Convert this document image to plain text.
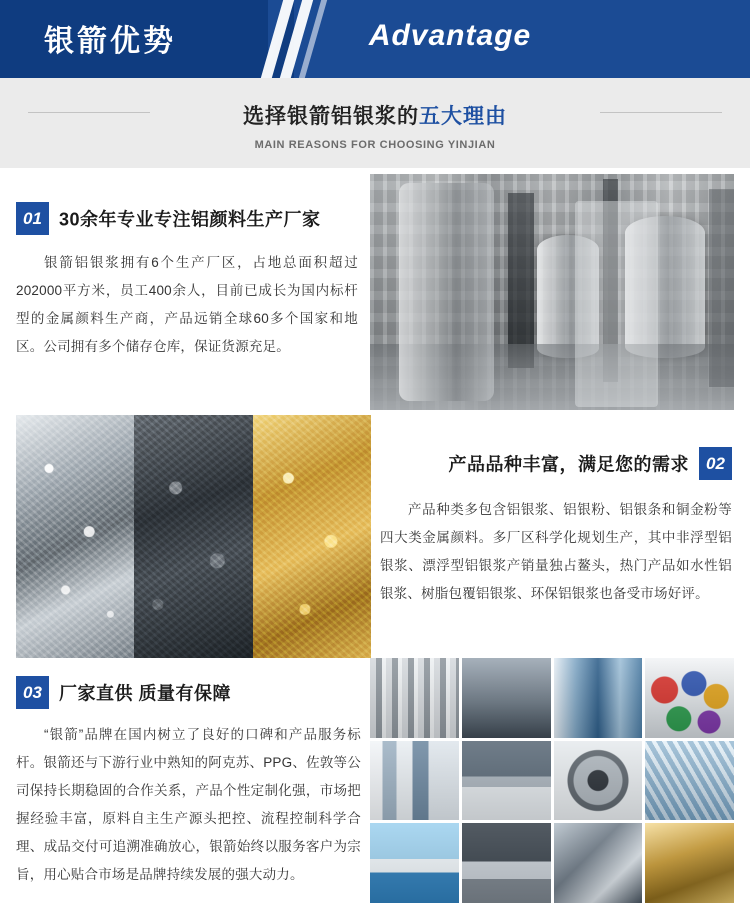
银箭优势	Advantage
选择银箭铝银浆的五大理由
MAIN REASONS FOR CHOOSING YINJIAN
01 30余年专业专注铝颜料生产厂家
银箭铝银浆拥有6个生产厂区，占地总面积超过202000平方米，员工400余人，目前已成长为国内标杆型的金属颜料生产商，产品远销全球60多个国家和地区。公司拥有多个储存仓库，保证货源充足。
产品品种丰富，满足您的需求 02
产品种类多包含铝银浆、铝银粉、铝银条和铜金粉等四大类金属颜料。多厂区科学化规划生产，其中非浮型铝银浆、漂浮型铝银浆产销量独占鳌头，热门产品如水性铝银浆、树脂包覆铝银浆、环保铝银浆也备受市场好评。
03 厂家直供 质量有保障
“银箭”品牌在国内树立了良好的口碑和产品服务标杆。银箭还与下游行业中熟知的阿克苏、PPG、佐敦等公司保持长期稳固的合作关系，产品个性定制化强，市场把握经验丰富，原料自主生产源头把控、流程控制科学合理、成品交付可追溯准确放心，银箭始终以服务客户为宗旨，用心贴合市场是品牌持续发展的强大动力。
